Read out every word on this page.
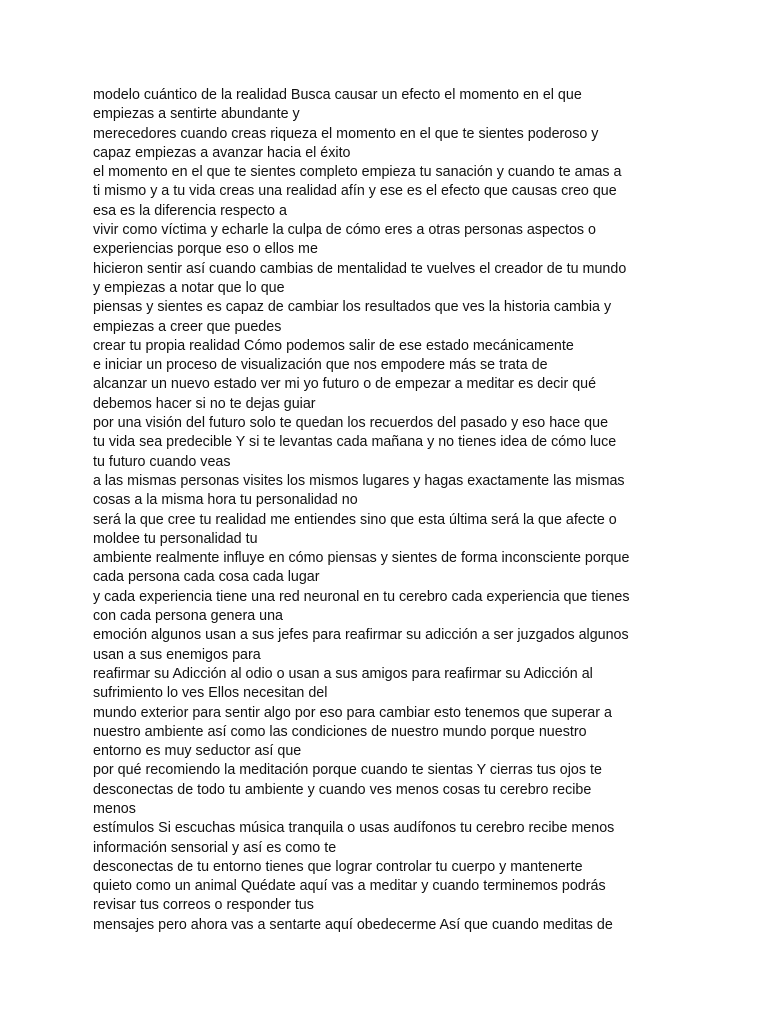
modelo cuántico de la realidad Busca causar un efecto el momento en el que
empiezas a sentirte abundante y
merecedores cuando creas riqueza el momento en el que te sientes poderoso y
capaz empiezas a avanzar hacia el éxito
el momento en el que te sientes completo empieza tu sanación y cuando te amas a
ti mismo y a tu vida creas una realidad afín y ese es el efecto que causas creo que
esa es la diferencia respecto a
vivir como víctima y echarle la culpa de cómo eres a otras personas aspectos o
experiencias porque eso o ellos me
hicieron sentir así cuando cambias de mentalidad te vuelves el creador de tu mundo
y empiezas a notar que lo que
piensas y sientes es capaz de cambiar los resultados que ves la historia cambia y
empiezas a creer que puedes
crear tu propia realidad Cómo podemos salir de ese estado mecánicamente
e iniciar un proceso de visualización que nos empodere más se trata de
alcanzar un nuevo estado ver mi yo futuro o de empezar a meditar es decir qué
debemos hacer si no te dejas guiar
por una visión del futuro solo te quedan los recuerdos del pasado y eso hace que
tu vida sea predecible Y si te levantas cada mañana y no tienes idea de cómo luce
tu futuro cuando veas
a las mismas personas visites los mismos lugares y hagas exactamente las mismas
cosas a la misma hora tu personalidad no
será la que cree tu realidad me entiendes sino que esta última será la que afecte o
moldee tu personalidad tu
ambiente realmente influye en cómo piensas y sientes de forma inconsciente porque
cada persona cada cosa cada lugar
y cada experiencia tiene una red neuronal en tu cerebro cada experiencia que tienes
con cada persona genera una
emoción algunos usan a sus jefes para reafirmar su adicción a ser juzgados algunos
usan a sus enemigos para
reafirmar su Adicción al odio o usan a sus amigos para reafirmar su Adicción al
sufrimiento lo ves Ellos necesitan del
mundo exterior para sentir algo por eso para cambiar esto tenemos que superar a
nuestro ambiente así como las condiciones de nuestro mundo porque nuestro
entorno es muy seductor así que
por qué recomiendo la meditación porque cuando te sientas Y cierras tus ojos te
desconectas de todo tu ambiente y cuando ves menos cosas tu cerebro recibe
menos
estímulos Si escuchas música tranquila o usas audífonos tu cerebro recibe menos
información sensorial y así es como te
desconectas de tu entorno tienes que lograr controlar tu cuerpo y mantenerte
quieto como un animal Quédate aquí vas a meditar y cuando terminemos podrás
revisar tus correos o responder tus
mensajes pero ahora vas a sentarte aquí obedecerme Así que cuando meditas de
